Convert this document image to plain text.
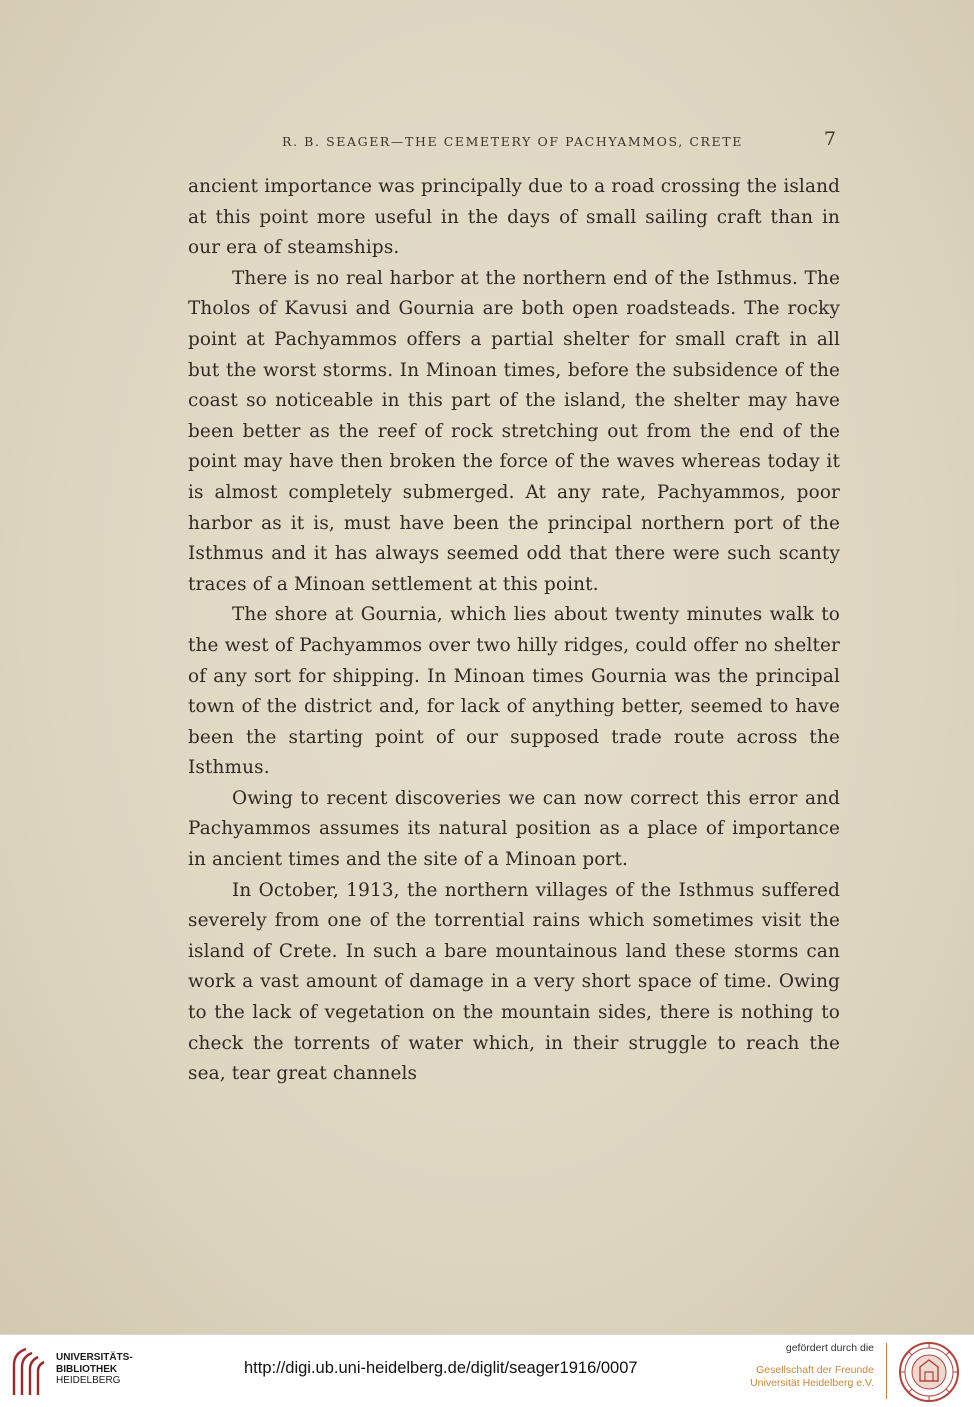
R. B. SEAGER—THE CEMETERY OF PACHYAMMOS, CRETE	7

ancient importance was principally due to a road crossing the island at this point more useful in the days of small sailing craft than in our era of steamships.

There is no real harbor at the northern end of the Isthmus. The Tholos of Kavusi and Gournia are both open roadsteads. The rocky point at Pachyammos offers a partial shelter for small craft in all but the worst storms. In Minoan times, before the subsidence of the coast so noticeable in this part of the island, the shelter may have been better as the reef of rock stretching out from the end of the point may have then broken the force of the waves whereas today it is almost completely submerged. At any rate, Pachyammos, poor harbor as it is, must have been the principal northern port of the Isthmus and it has always seemed odd that there were such scanty traces of a Minoan settlement at this point.

The shore at Gournia, which lies about twenty minutes walk to the west of Pachyammos over two hilly ridges, could offer no shelter of any sort for shipping. In Minoan times Gournia was the principal town of the district and, for lack of anything better, seemed to have been the starting point of our supposed trade route across the Isthmus.

Owing to recent discoveries we can now correct this error and Pachyammos assumes its natural position as a place of importance in ancient times and the site of a Minoan port.

In October, 1913, the northern villages of the Isthmus suffered severely from one of the torrential rains which sometimes visit the island of Crete. In such a bare mountainous land these storms can work a vast amount of damage in a very short space of time. Owing to the lack of vegetation on the mountain sides, there is nothing to check the torrents of water which, in their struggle to reach the sea, tear great channels

UNIVERSITÄTS-
BIBLIOTHEK
HEIDELBERG
http://digi.ub.uni-heidelberg.de/diglit/seager1916/0007
gefördert durch die
Gesellschaft der Freunde
Universität Heidelberg e.V.
